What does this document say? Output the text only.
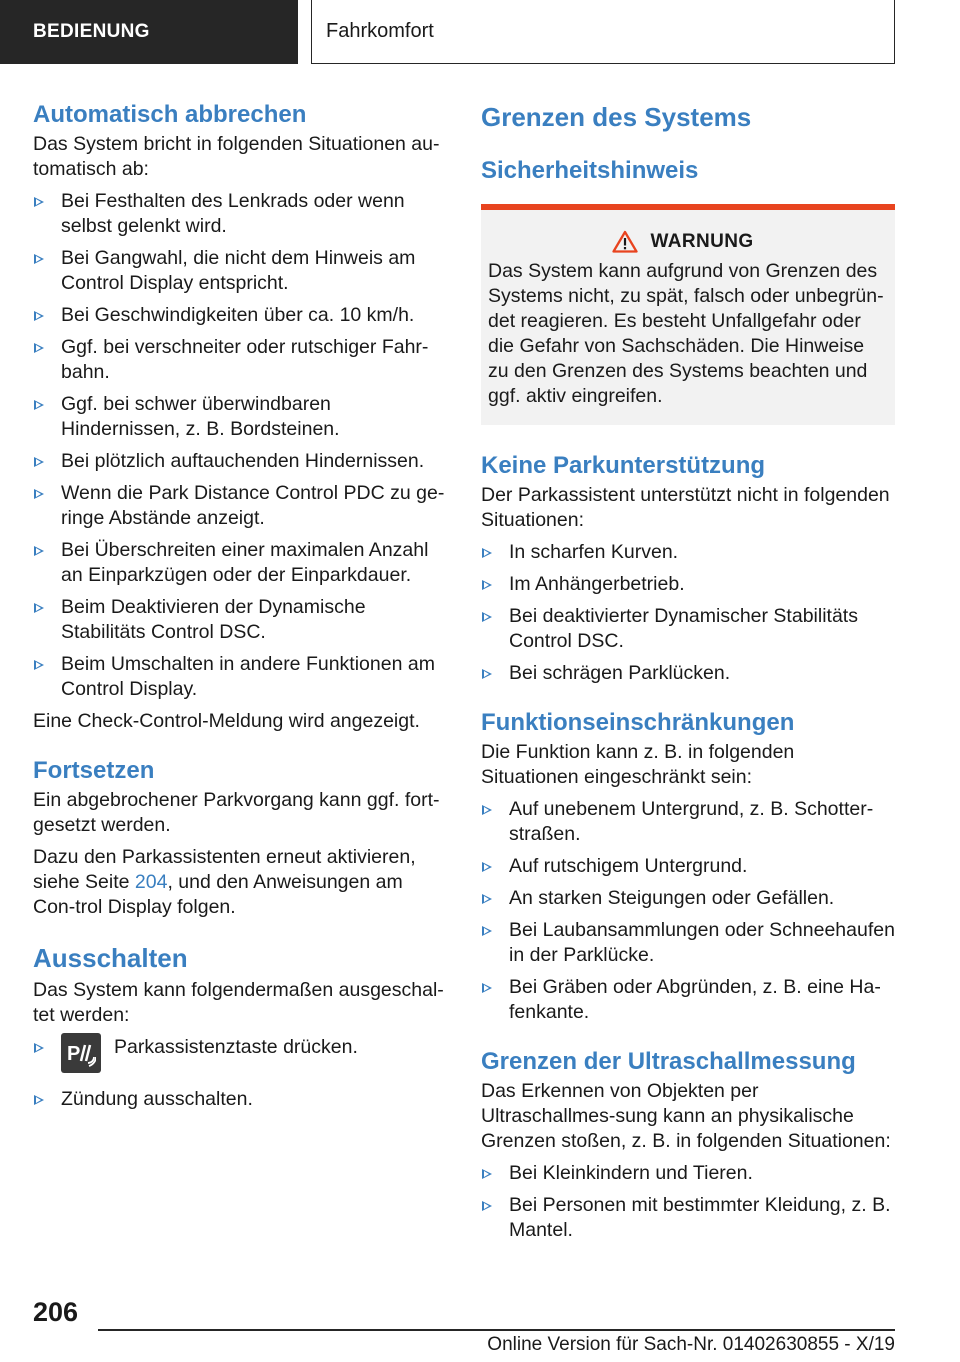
BEDIENUNG	Fahrkomfort
Automatisch abbrechen

Das System bricht in folgenden Situationen au-tomatisch ab:

Bei Festhalten des Lenkrads oder wenn selbst gelenkt wird.
Bei Gangwahl, die nicht dem Hinweis am Control Display entspricht.
Bei Geschwindigkeiten über ca. 10 km/h.
Ggf. bei verschneiter oder rutschiger Fahr-bahn.
Ggf. bei schwer überwindbaren Hindernissen, z. B. Bordsteinen.
Bei plötzlich auftauchenden Hindernissen.
Wenn die Park Distance Control PDC zu ge-ringe Abstände anzeigt.
Bei Überschreiten einer maximalen Anzahl an Einparkzügen oder der Einparkdauer.
Beim Deaktivieren der Dynamische Stabilitäts Control DSC.
Beim Umschalten in andere Funktionen am Control Display.

Eine Check-Control-Meldung wird angezeigt.

Fortsetzen

Ein abgebrochener Parkvorgang kann ggf. fort-gesetzt werden.

Dazu den Parkassistenten erneut aktivieren, siehe Seite 204, und den Anweisungen am Con-trol Display folgen.

Ausschalten

Das System kann folgendermaßen ausgeschal-tet werden:

P Parkassistenztaste drücken.
Zündung ausschalten.
Grenzen des Systems
Sicherheitshinweis
WARNUNG
Das System kann aufgrund von Grenzen des Systems nicht, zu spät, falsch oder unbegrün-det reagieren. Es besteht Unfallgefahr oder die Gefahr von Sachschäden. Die Hinweise zu den Grenzen des Systems beachten und ggf. aktiv eingreifen.
Keine Parkunterstützung

Der Parkassistent unterstützt nicht in folgenden Situationen:

In scharfen Kurven.
Im Anhängerbetrieb.
Bei deaktivierter Dynamischer Stabilitäts Control DSC.
Bei schrägen Parklücken.
Funktionseinschränkungen

Die Funktion kann z. B. in folgenden Situationen eingeschränkt sein:

Auf unebenem Untergrund, z. B. Schotter-straßen.
Auf rutschigem Untergrund.
An starken Steigungen oder Gefällen.
Bei Laubansammlungen oder Schneehaufen in der Parklücke.
Bei Gräben oder Abgründen, z. B. eine Ha-fenkante.
Grenzen der Ultraschallmessung

Das Erkennen von Objekten per Ultraschallmes-sung kann an physikalische Grenzen stoßen, z. B. in folgenden Situationen:

Bei Kleinkindern und Tieren.
Bei Personen mit bestimmter Kleidung, z. B. Mantel.
206
Online Version für Sach-Nr. 01402630855 - X/19
